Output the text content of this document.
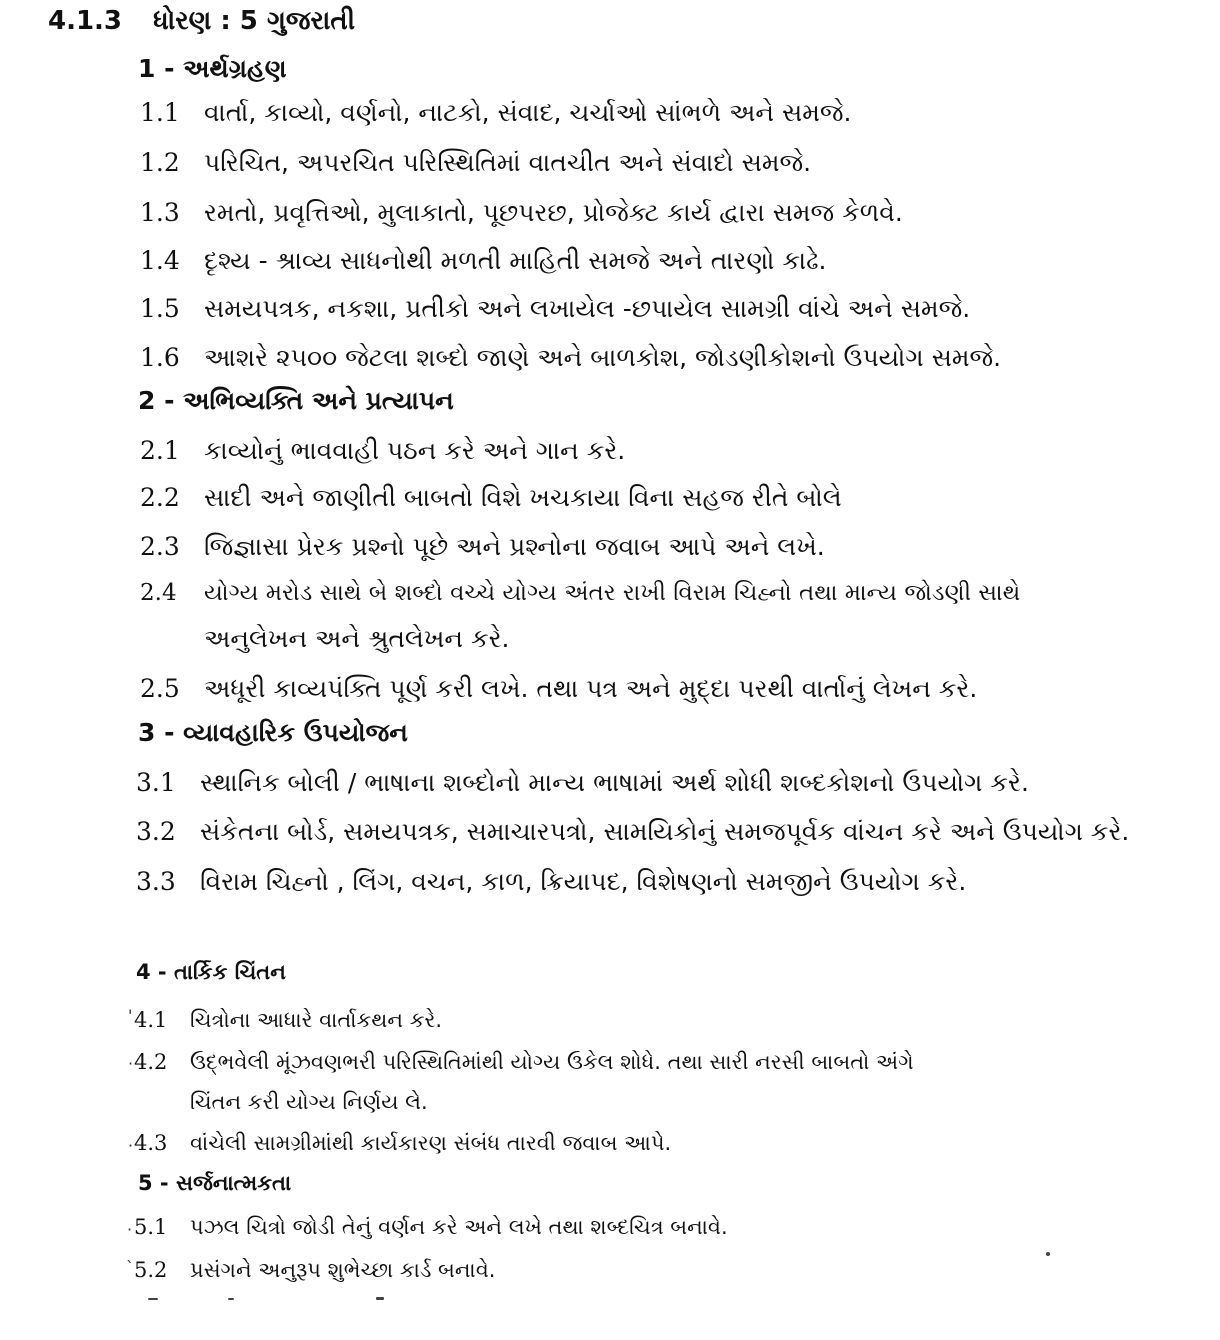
4.1.3 ધોરણ : 5 ગુજરાતી
1 - અર્થગ્રહણ
1.1 વાર્તા, કાવ્યો, વર્ણનો, નાટકો, સંવાદ, ચર્ચાઓ સાંભળે અને સમજે.
1.2 પરિચિત, અપરચિત પરિસ્થિતિમાં વાતચીત અને સંવાદો સમજે.
1.3 રમતો, પ્રવૃત્તિઓ, મુલાકાતો, પૂછપરછ, પ્રોજેક્ટ કાર્ય દ્વારા સમજ કેળવે.
1.4 દૃશ્ય - શ્રાવ્ય સાધનોથી મળતી માહિતી સમજે અને તારણો કાઢે.
1.5 સમયપત્રક, નકશા, પ્રતીકો અને લખાયેલ -છપાયેલ સામગ્રી વાંચે અને સમજે.
1.6 આશરે ૨૫૦૦ જેટલા શબ્દો જાણે અને બાળકોશ, જોડણીકોશનો ઉપયોગ સમજે.
2 - અભિવ્યક્તિ અને પ્રત્યાપન
2.1 કાવ્યોનું ભાવવાહી પઠન કરે અને ગાન કરે.
2.2 સાદી અને જાણીતી બાબતો વિશે ખચકાયા વિના સહજ રીતે બોલે
2.3 જિજ્ઞાસા પ્રેરક પ્રશ્નો પૂછે અને પ્રશ્નોના જવાબ આપે અને લખે.
2.4 યોગ્ય મરોડ સાથે બે શબ્દો વચ્ચે યોગ્ય અંતર રાખી વિરામ ચિહ્નો તથા માન્ય જોડણી સાથે
અનુલેખન અને શ્રુતલેખન કરે.
2.5 અધૂરી કાવ્યપંક્તિ પૂર્ણ કરી લખે. તથા પત્ર અને મુદ્દા પરથી વાર્તાનું લેખન કરે.
3 - વ્યાવહારિક ઉપયોજન
3.1 સ્થાનિક બોલી / ભાષાના શબ્દોનો માન્ય ભાષામાં અર્થ શોધી શબ્દકોશનો ઉપયોગ કરે.
3.2 સંકેતના બોર્ડ, સમયપત્રક, સમાચારપત્રો, સામયિકોનું સમજપૂર્વક વાંચન કરે અને ઉપયોગ કરે.
3.3 વિરામ ચિહ્નો , લિંગ, વચન, કાળ, ક્રિયાપદ, વિશેષણનો સમજીને ઉપયોગ કરે.
4 - તાર્કિક ચિંતન
' 4.1 ચિત્રોના આધારે વાર્તાકથન કરે.
· 4.2 ઉદ્ભવેલી મૂંઝવણભરી પરિસ્થિતિમાંથી યોગ્ય ઉકેલ શોધે. તથા સારી નરસી બાબતો અંગે
ચિંતન કરી યોગ્ય નિર્ણય લે.
· 4.3 વાંચેલી સામગ્રીમાંથી કાર્યકારણ સંબંધ તારવી જવાબ આપે.
5 - સર્જનાત્મકતા
· 5.1 પઝલ ચિત્રો જોડી તેનું વર્ણન કરે અને લખે તથા શબ્દચિત્ર બનાવે.
` 5.2 પ્રસંગને અનુરૂપ શુભેચ્છા કાર્ડ બનાવે.
